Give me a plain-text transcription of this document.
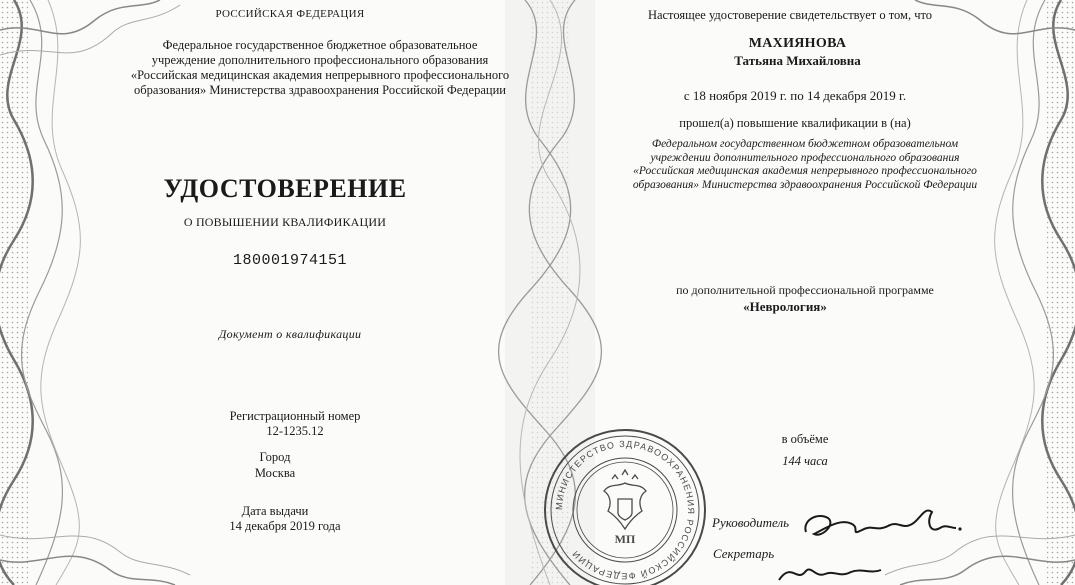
РОССИЙСКАЯ ФЕДЕРАЦИЯ
Федеральное государственное бюджетное образовательное
учреждение дополнительного профессионального образования
«Российская медицинская академия непрерывного профессионального
образования» Министерства здравоохранения Российской Федерации
УДОСТОВЕРЕНИЕ
О ПОВЫШЕНИИ КВАЛИФИКАЦИИ
180001974151
Документ о квалификации
Регистрационный номер
12-1235.12
Город
Москва
Дата выдачи
14 декабря 2019 года
Настоящее удостоверение свидетельствует о том, что
МАХИЯНОВА
Татьяна Михайловна
с 18 ноября 2019 г. по 14 декабря 2019 г.
прошел(а) повышение квалификации в (на)
Федеральном государственном бюджетном образовательном
учреждении дополнительного профессионального образования
«Российская медицинская академия непрерывного профессионального
образования» Министерства здравоохранения Российской Федерации
по дополнительной профессиональной программе
«Неврология»
в объёме
144 часа
Руководитель
Секретарь
МИНИСТЕРСТВО ЗДРАВООХРАНЕНИЯ РОССИЙСКОЙ ФЕДЕРАЦИИ
МП
